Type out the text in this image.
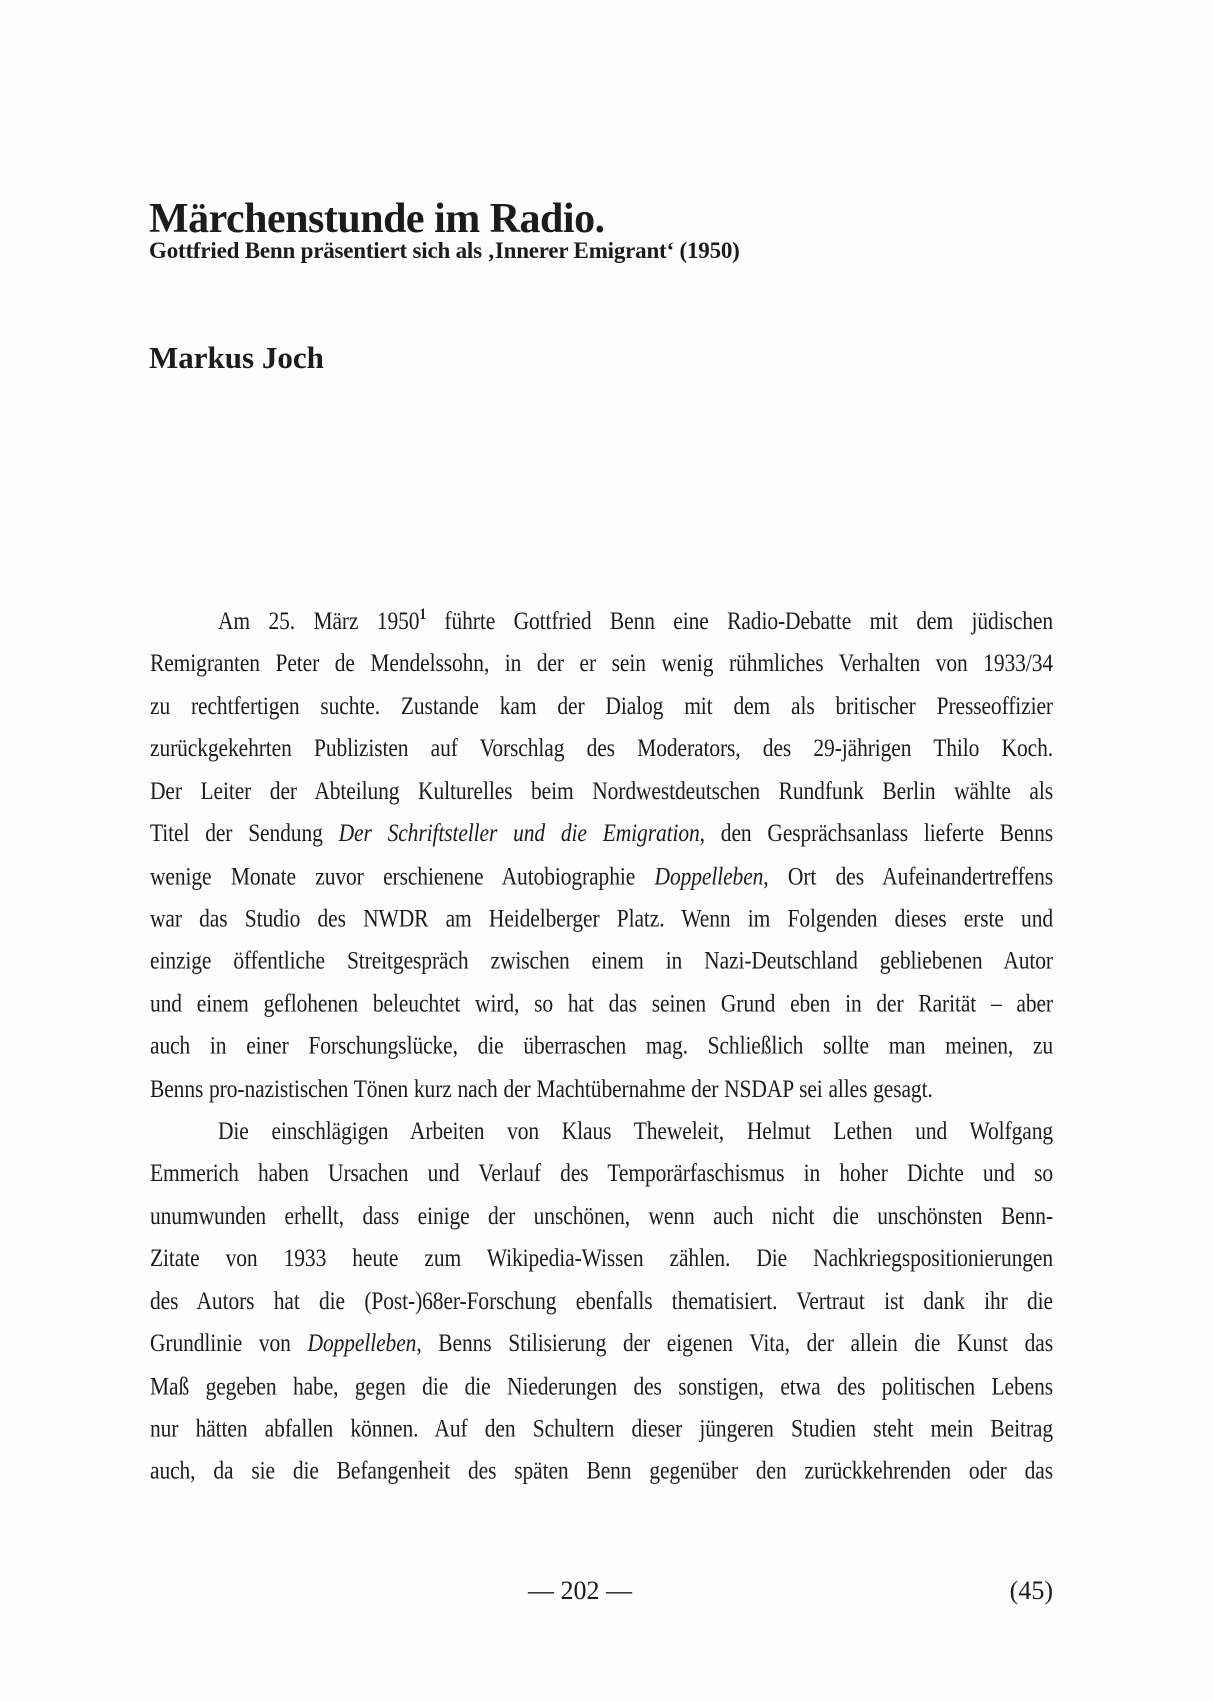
Märchenstunde im Radio.
Gottfried Benn präsentiert sich als ‚Innerer Emigrant‘ (1950)
Markus Joch
Am 25. März 1950$^1$ führte Gottfried Benn eine Radio-Debatte mit dem jüdischen
Remigranten Peter de Mendelssohn, in der er sein wenig rühmliches Verhalten von 1933/34
zu rechtfertigen suchte. Zustande kam der Dialog mit dem als britischer Presseoffizier
zurückgekehrten Publizisten auf Vorschlag des Moderators, des 29-jährigen Thilo Koch.
Der Leiter der Abteilung Kulturelles beim Nordwestdeutschen Rundfunk Berlin wählte als
Titel der Sendung Der Schriftsteller und die Emigration, den Gesprächsanlass lieferte Benns
wenige Monate zuvor erschienene Autobiographie Doppelleben, Ort des Aufeinandertreffens
war das Studio des NWDR am Heidelberger Platz. Wenn im Folgenden dieses erste und
einzige öffentliche Streitgespräch zwischen einem in Nazi-Deutschland gebliebenen Autor
und einem geflohenen beleuchtet wird, so hat das seinen Grund eben in der Rarität – aber
auch in einer Forschungslücke, die überraschen mag. Schließlich sollte man meinen, zu
Benns pro-nazistischen Tönen kurz nach der Machtübernahme der NSDAP sei alles gesagt.
Die einschlägigen Arbeiten von Klaus Theweleit, Helmut Lethen und Wolfgang
Emmerich haben Ursachen und Verlauf des Temporärfaschismus in hoher Dichte und so
unumwunden erhellt, dass einige der unschönen, wenn auch nicht die unschönsten Benn-
Zitate von 1933 heute zum Wikipedia-Wissen zählen. Die Nachkriegspositionierungen
des Autors hat die (Post-)68er-Forschung ebenfalls thematisiert. Vertraut ist dank ihr die
Grundlinie von Doppelleben, Benns Stilisierung der eigenen Vita, der allein die Kunst das
Maß gegeben habe, gegen die die Niederungen des sonstigen, etwa des politischen Lebens
nur hätten abfallen können. Auf den Schultern dieser jüngeren Studien steht mein Beitrag
auch, da sie die Befangenheit des späten Benn gegenüber den zurückkehrenden oder das
— 202 —	(45)
